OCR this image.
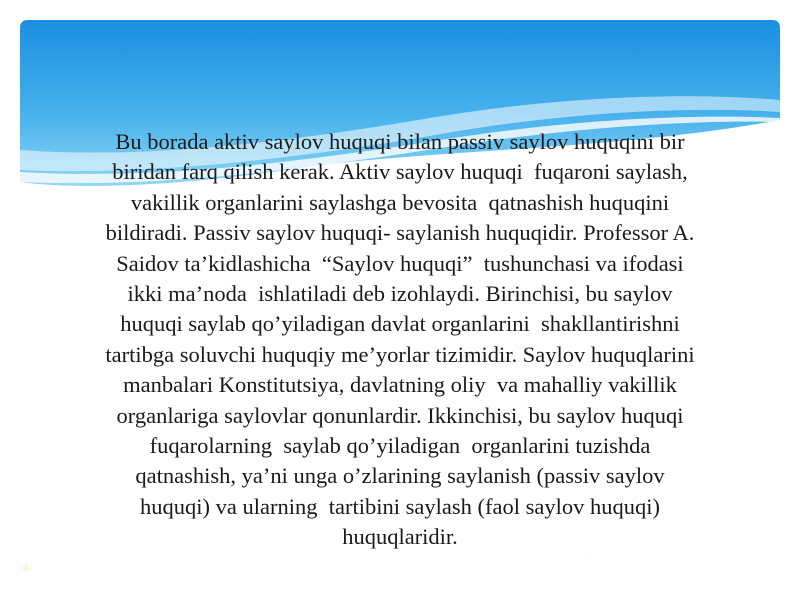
Bu borada aktiv saylov huquqi bilan passiv saylov huquqini bir
biridan farq qilish kerak. Aktiv saylov huquqi  fuqaroni saylash,
vakillik organlarini saylashga bevosita  qatnashish huquqini
bildiradi. Passiv saylov huquqi- saylanish huquqidir. Professor A.
Saidov ta’kidlashicha  “Saylov huquqi”  tushunchasi va ifodasi
ikki ma’noda  ishlatiladi deb izohlaydi. Birinchisi, bu saylov
huquqi saylab qo’yiladigan davlat organlarini  shakllantirishni
tartibga soluvchi huquqiy me’yorlar tizimidir. Saylov huquqlarini
manbalari Konstitutsiya, davlatning oliy  va mahalliy vakillik
organlariga saylovlar qonunlardir. Ikkinchisi, bu saylov huquqi
fuqarolarning  saylab qo’yiladigan  organlarini tuzishda
qatnashish, ya’ni unga o’zlarining saylanish (passiv saylov
huquqi) va ularning  tartibini saylash (faol saylov huquqi)
huquqlaridir.
